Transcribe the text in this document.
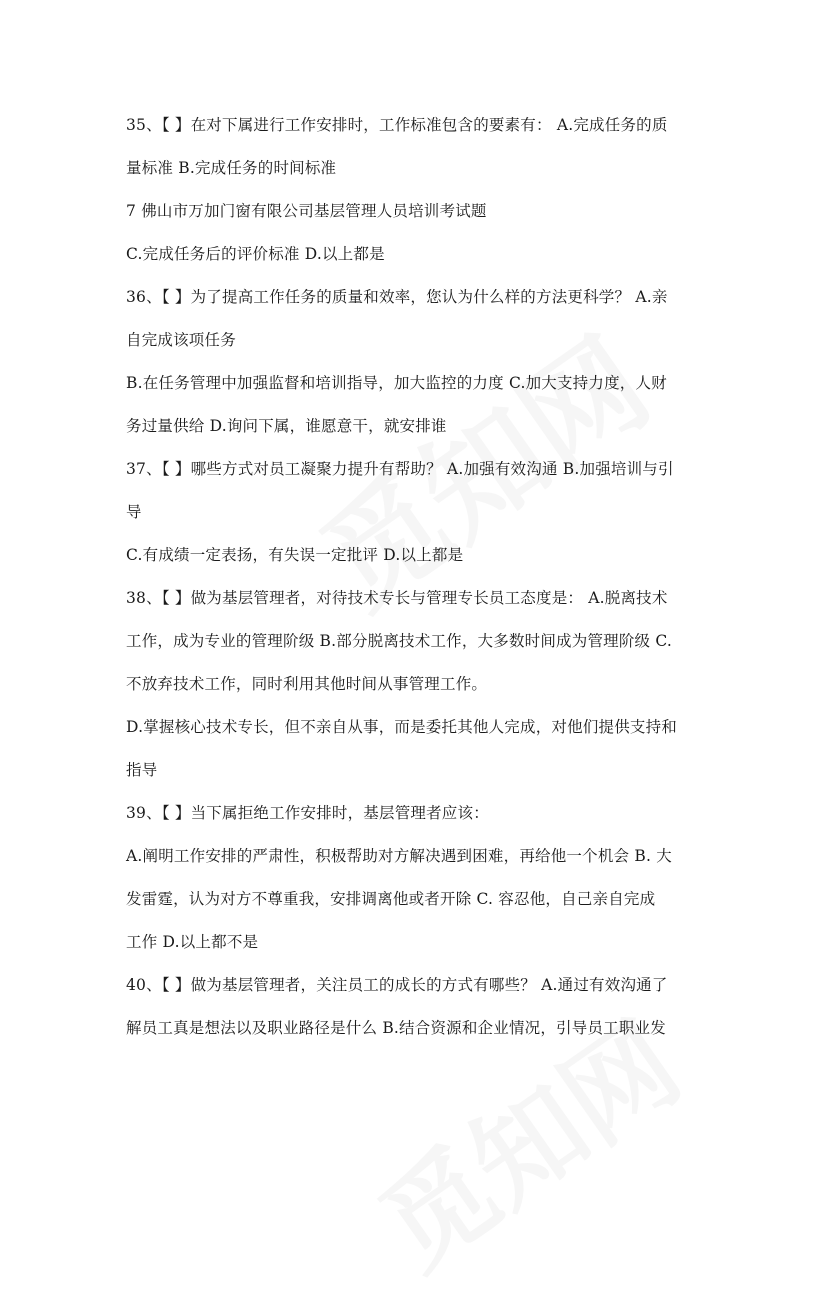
35、【 】在对下属进行工作安排时，工作标准包含的要素有： A.完成任务的质
量标准 B.完成任务的时间标准
7 佛山市万加门窗有限公司基层管理人员培训考试题
C.完成任务后的评价标准 D.以上都是
36、【 】为了提高工作任务的质量和效率，您认为什么样的方法更科学？ A.亲
自完成该项任务
B.在任务管理中加强监督和培训指导，加大监控的力度 C.加大支持力度，人财
务过量供给 D.询问下属，谁愿意干，就安排谁
37、【 】哪些方式对员工凝聚力提升有帮助？ A.加强有效沟通 B.加强培训与引
导
C.有成绩一定表扬，有失误一定批评 D.以上都是
38、【 】做为基层管理者，对待技术专长与管理专长员工态度是： A.脱离技术
工作，成为专业的管理阶级 B.部分脱离技术工作，大多数时间成为管理阶级 C.
不放弃技术工作，同时利用其他时间从事管理工作。
D.掌握核心技术专长，但不亲自从事，而是委托其他人完成，对他们提供支持和
指导
39、【 】当下属拒绝工作安排时，基层管理者应该：
A.阐明工作安排的严肃性，积极帮助对方解决遇到困难，再给他一个机会 B. 大
发雷霆，认为对方不尊重我，安排调离他或者开除 C. 容忍他，自己亲自完成
工作 D.以上都不是
40、【 】做为基层管理者，关注员工的成长的方式有哪些？ A.通过有效沟通了
解员工真是想法以及职业路径是什么 B.结合资源和企业情况，引导员工职业发
